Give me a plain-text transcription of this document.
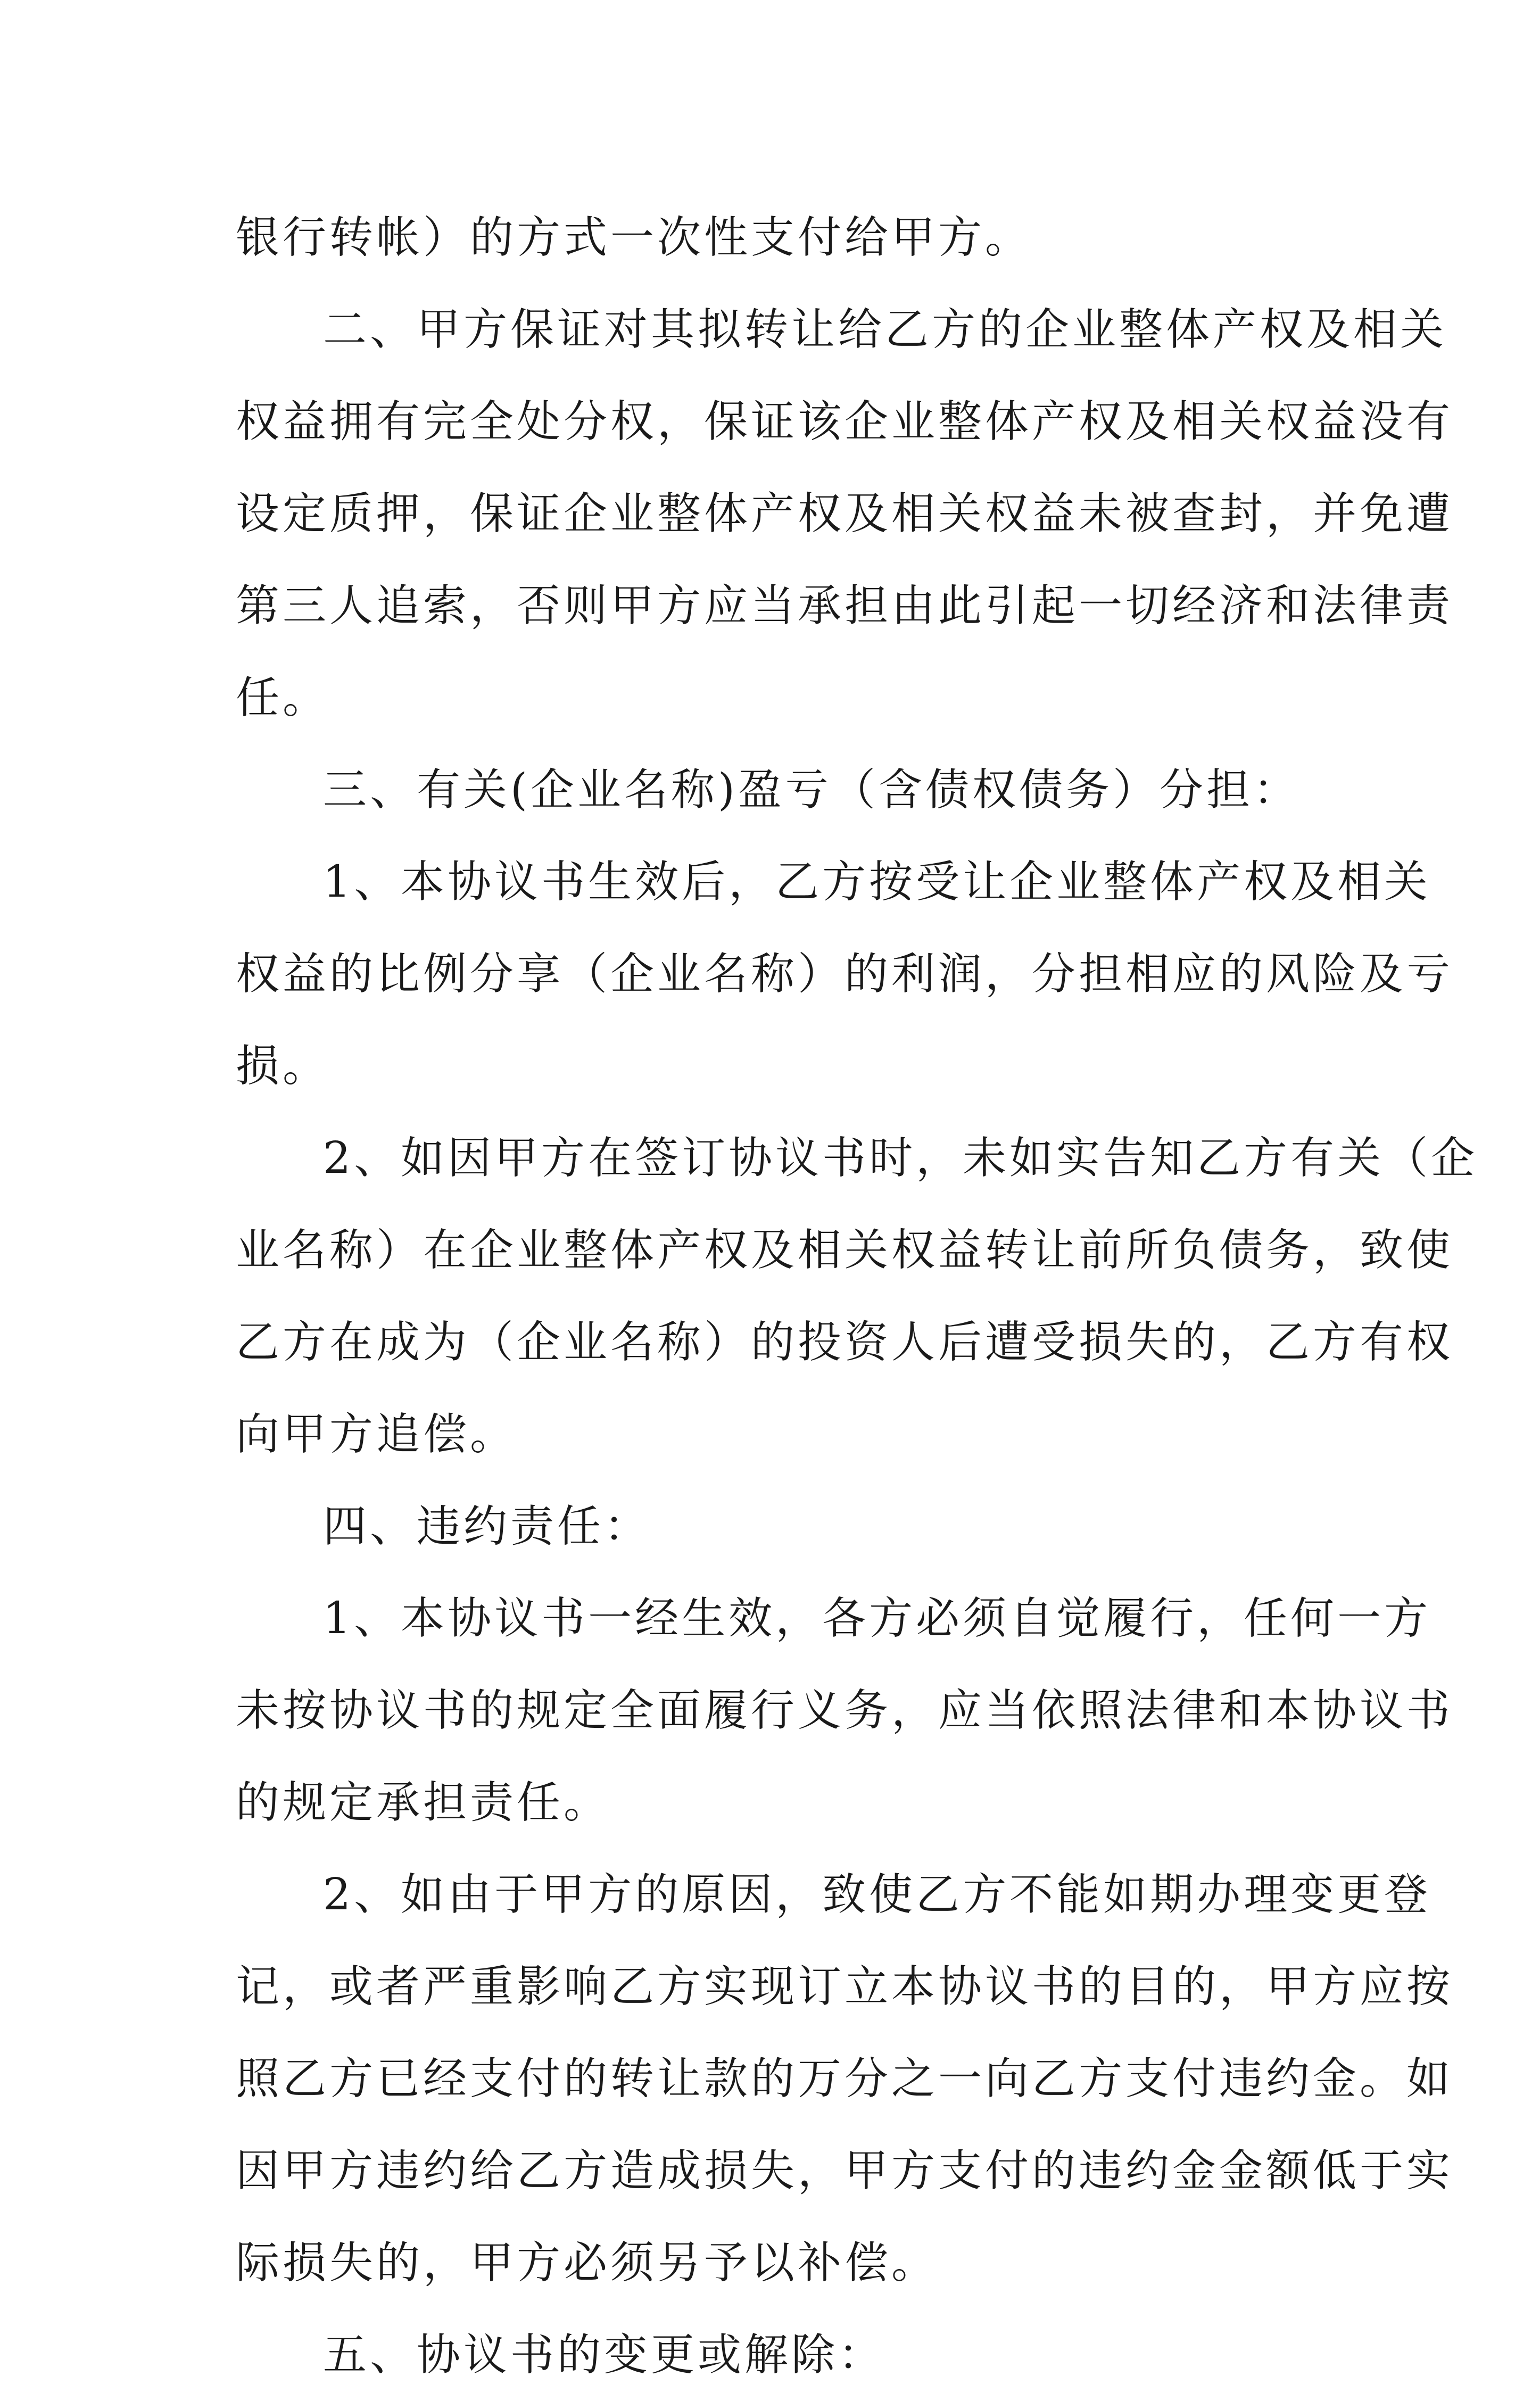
银行转帐）的方式一次性支付给甲方。
二、甲方保证对其拟转让给乙方的企业整体产权及相关
权益拥有完全处分权，保证该企业整体产权及相关权益没有
设定质押，保证企业整体产权及相关权益未被查封，并免遭
第三人追索，否则甲方应当承担由此引起一切经济和法律责
任。
三、有关(企业名称)盈亏（含债权债务）分担：
1、本协议书生效后，乙方按受让企业整体产权及相关
权益的比例分享（企业名称）的利润，分担相应的风险及亏
损。
2、如因甲方在签订协议书时，未如实告知乙方有关（企
业名称）在企业整体产权及相关权益转让前所负债务，致使
乙方在成为（企业名称）的投资人后遭受损失的，乙方有权
向甲方追偿。
四、违约责任：
1、本协议书一经生效，各方必须自觉履行，任何一方
未按协议书的规定全面履行义务，应当依照法律和本协议书
的规定承担责任。
2、如由于甲方的原因，致使乙方不能如期办理变更登
记，或者严重影响乙方实现订立本协议书的目的，甲方应按
照乙方已经支付的转让款的万分之一向乙方支付违约金。如
因甲方违约给乙方造成损失，甲方支付的违约金金额低于实
际损失的，甲方必须另予以补偿。
五、协议书的变更或解除：
